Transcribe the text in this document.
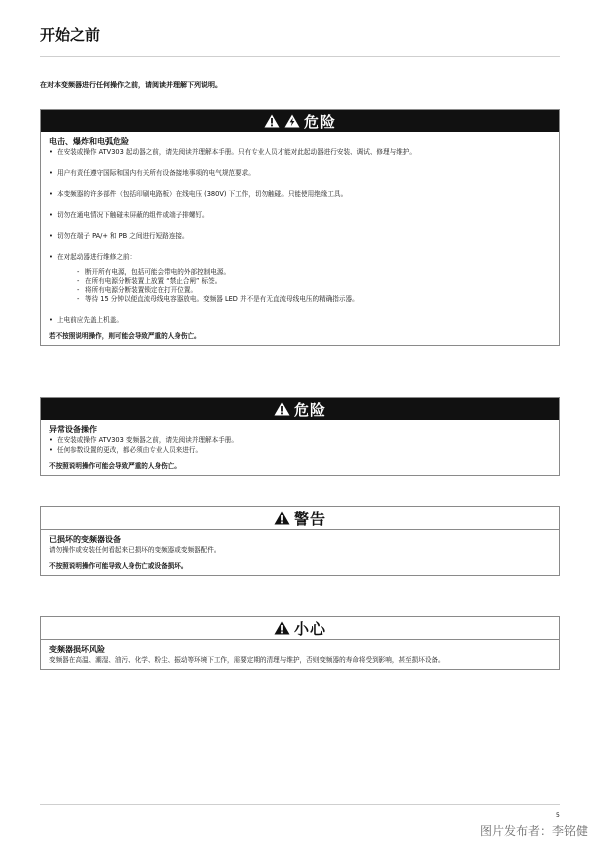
开始之前
在对本变频器进行任何操作之前，请阅读并理解下列说明。
危险
电击、爆炸和电弧危险
• 在安装或操作 ATV303 起动器之前，请先阅读并理解本手册。只有专业人员才能对此起动器进行安装、调试、修理与维护。
• 用户有责任遵守国际和国内有关所有设备接地事项的电气规范要求。
• 本变频器的许多部件（包括印刷电路板）在线电压 (380V) 下工作，切勿触碰。只能使用绝缘工具。
• 切勿在通电情况下触碰未屏蔽的组件或端子排螺钉。
• 切勿在端子 PA/+ 和 PB 之间进行短路连接。
• 在对起动器进行维修之前：
- 断开所有电源，包括可能会带电的外部控制电源。
- 在所有电源分断装置上放置 “禁止合闸” 标签。
- 将所有电源分断装置锁定在打开位置。
- 等待 15 分钟以便直流母线电容器放电。变频器 LED 并不是有无直流母线电压的精确指示器。
• 上电前应先盖上机盖。
若不按照说明操作，则可能会导致严重的人身伤亡。
危险
异常设备操作
• 在安装或操作 ATV303 变频器之前，请先阅读并理解本手册。
• 任何参数设置的更改，都必须由专业人员来进行。
不按照说明操作可能会导致严重的人身伤亡。
警告
已损坏的变频器设备
请勿操作或安装任何看起来已损坏的变频器或变频器配件。
不按照说明操作可能导致人身伤亡或设备损坏。
小心
变频器损坏风险
变频器在高温、潮湿、油污、化学、粉尘、振动等环境下工作，需要定期的清理与维护，否则变频器的寿命将受到影响，甚至损坏设备。
5
图片发布者：李铭健
